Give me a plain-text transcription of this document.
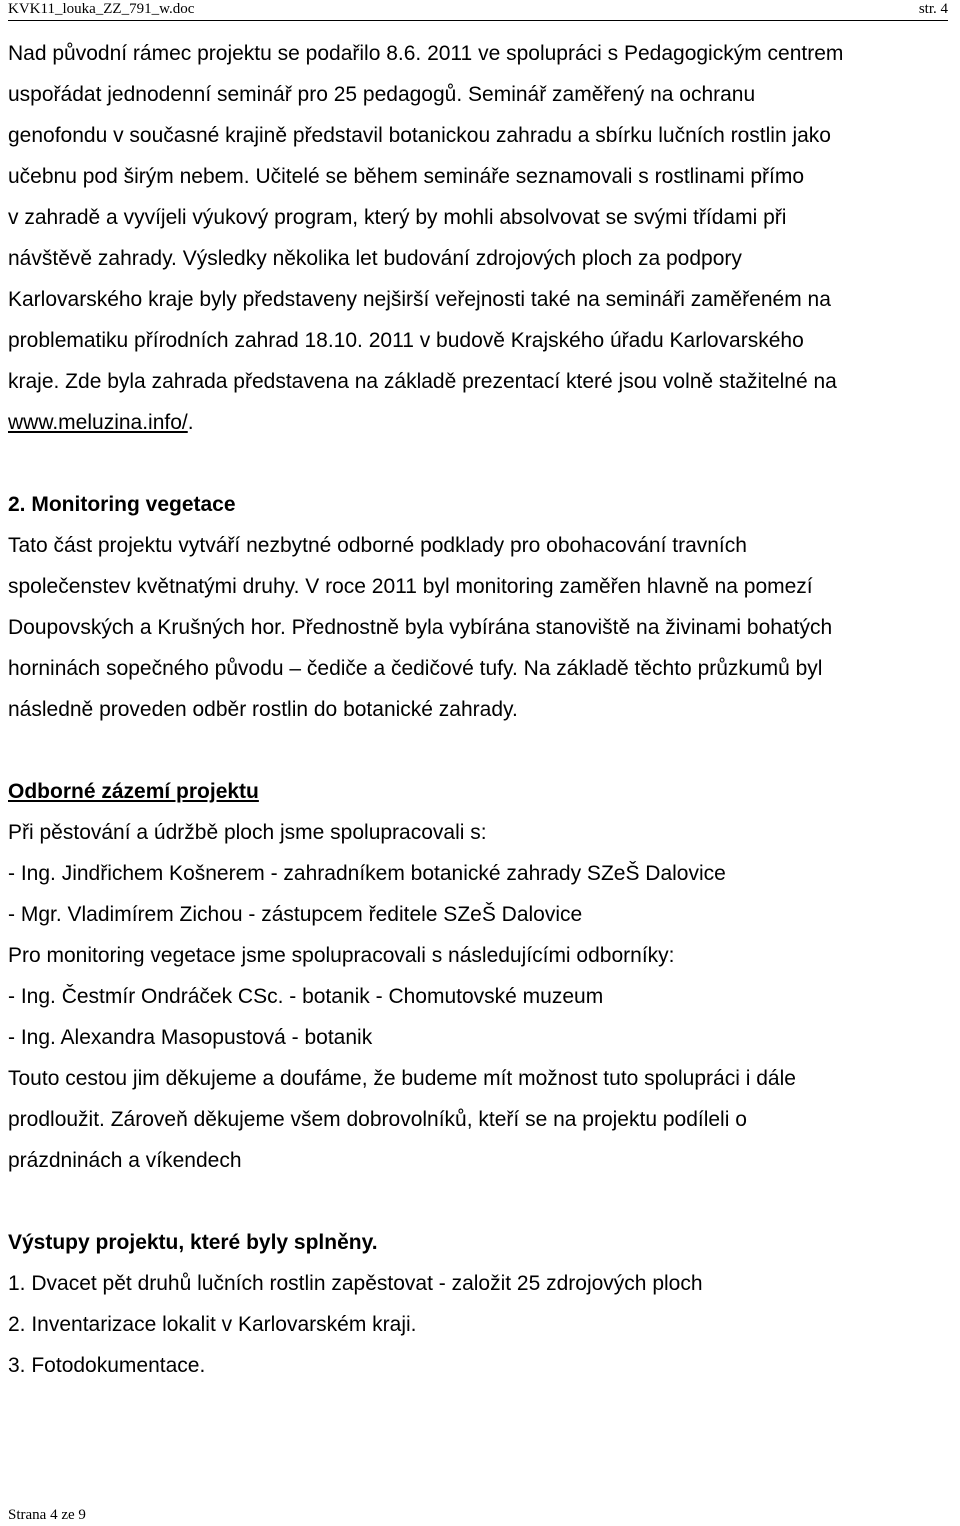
KVK11_louka_ZZ_791_w.doc	str. 4

Nad původní rámec projektu se podařilo 8.6. 2011 ve spolupráci s Pedagogickým centrem

uspořádat jednodenní seminář pro 25 pedagogů. Seminář zaměřený na ochranu

genofondu v současné krajině představil botanickou zahradu a sbírku lučních rostlin jako

učebnu pod širým nebem. Učitelé se během semináře seznamovali s rostlinami přímo

v zahradě a vyvíjeli výukový program, který by mohli absolvovat se svými třídami při

návštěvě zahrady. Výsledky několika let budování zdrojových ploch za podpory

Karlovarského kraje byly představeny nejširší veřejnosti také na semináři zaměřeném na

problematiku přírodních zahrad 18.10. 2011 v budově Krajského úřadu Karlovarského

kraje. Zde byla zahrada představena na základě prezentací které jsou volně stažitelné na

www.meluzina.info/.

2. Monitoring vegetace

Tato část projektu vytváří nezbytné odborné podklady pro obohacování travních

společenstev květnatými druhy. V roce 2011 byl monitoring zaměřen hlavně na pomezí

Doupovských a Krušných hor. Přednostně byla vybírána stanoviště na živinami bohatých

horninách sopečného původu – čediče a čedičové tufy. Na základě těchto průzkumů byl

následně proveden odběr rostlin do botanické zahrady.

Odborné zázemí projektu

Při pěstování a údržbě ploch jsme spolupracovali s:

- Ing. Jindřichem Košnerem - zahradníkem botanické zahrady SZeŠ Dalovice

- Mgr. Vladimírem Zichou - zástupcem ředitele SZeŠ Dalovice

Pro monitoring vegetace jsme spolupracovali s následujícími odborníky:

- Ing. Čestmír Ondráček CSc. - botanik - Chomutovské muzeum

- Ing. Alexandra Masopustová - botanik

Touto cestou jim děkujeme a doufáme, že budeme mít možnost tuto spolupráci i dále

prodloužit. Zároveň děkujeme všem dobrovolníků, kteří se na projektu podíleli o

prázdninách a víkendech

Výstupy projektu, které byly splněny.

1. Dvacet pět druhů lučních rostlin zapěstovat - založit 25 zdrojových ploch

2. Inventarizace lokalit v Karlovarském kraji.

3. Fotodokumentace.

Strana 4 ze 9
